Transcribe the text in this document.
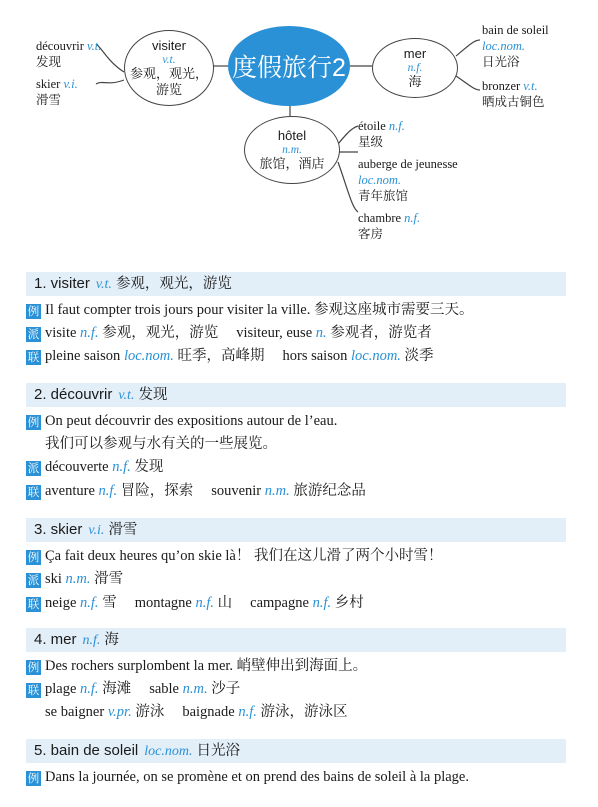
度假旅行2
visiter
v.t.
参观，观光，
游览
mer
n.f.
海
hôtel
n.m.
旅馆，酒店
découvrir v.t.
发现
skier v.i.
滑雪
bain de soleil
loc.nom.
日光浴
bronzer v.t.
晒成古铜色
étoile n.f.
星级
auberge de jeunesse
loc.nom.
青年旅馆
chambre n.f.
客房
1. visiter v.t. 参观，观光，游览
例 Il faut compter trois jours pour visiter la ville. 参观这座城市需要三天。
派 visite n.f. 参观，观光，游览 visiteur, euse n. 参观者，游览者
联 pleine saison loc.nom. 旺季，高峰期 hors saison loc.nom. 淡季
2. découvrir v.t. 发现
例 On peut découvrir des expositions autour de l’eau.
我们可以参观与水有关的一些展览。
派 découverte n.f. 发现
联 aventure n.f. 冒险，探索 souvenir n.m. 旅游纪念品
3. skier v.i. 滑雪
例 Ça fait deux heures qu’on skie là！ 我们在这儿滑了两个小时雪！
派 ski n.m. 滑雪
联 neige n.f. 雪 montagne n.f. 山 campagne n.f. 乡村
4. mer n.f. 海
例 Des rochers surplombent la mer. 峭壁伸出到海面上。
联 plage n.f. 海滩 sable n.m. 沙子
se baigner v.pr. 游泳 baignade n.f. 游泳，游泳区
5. bain de soleil loc.nom. 日光浴
例 Dans la journée, on se promène et on prend des bains de soleil à la plage.
